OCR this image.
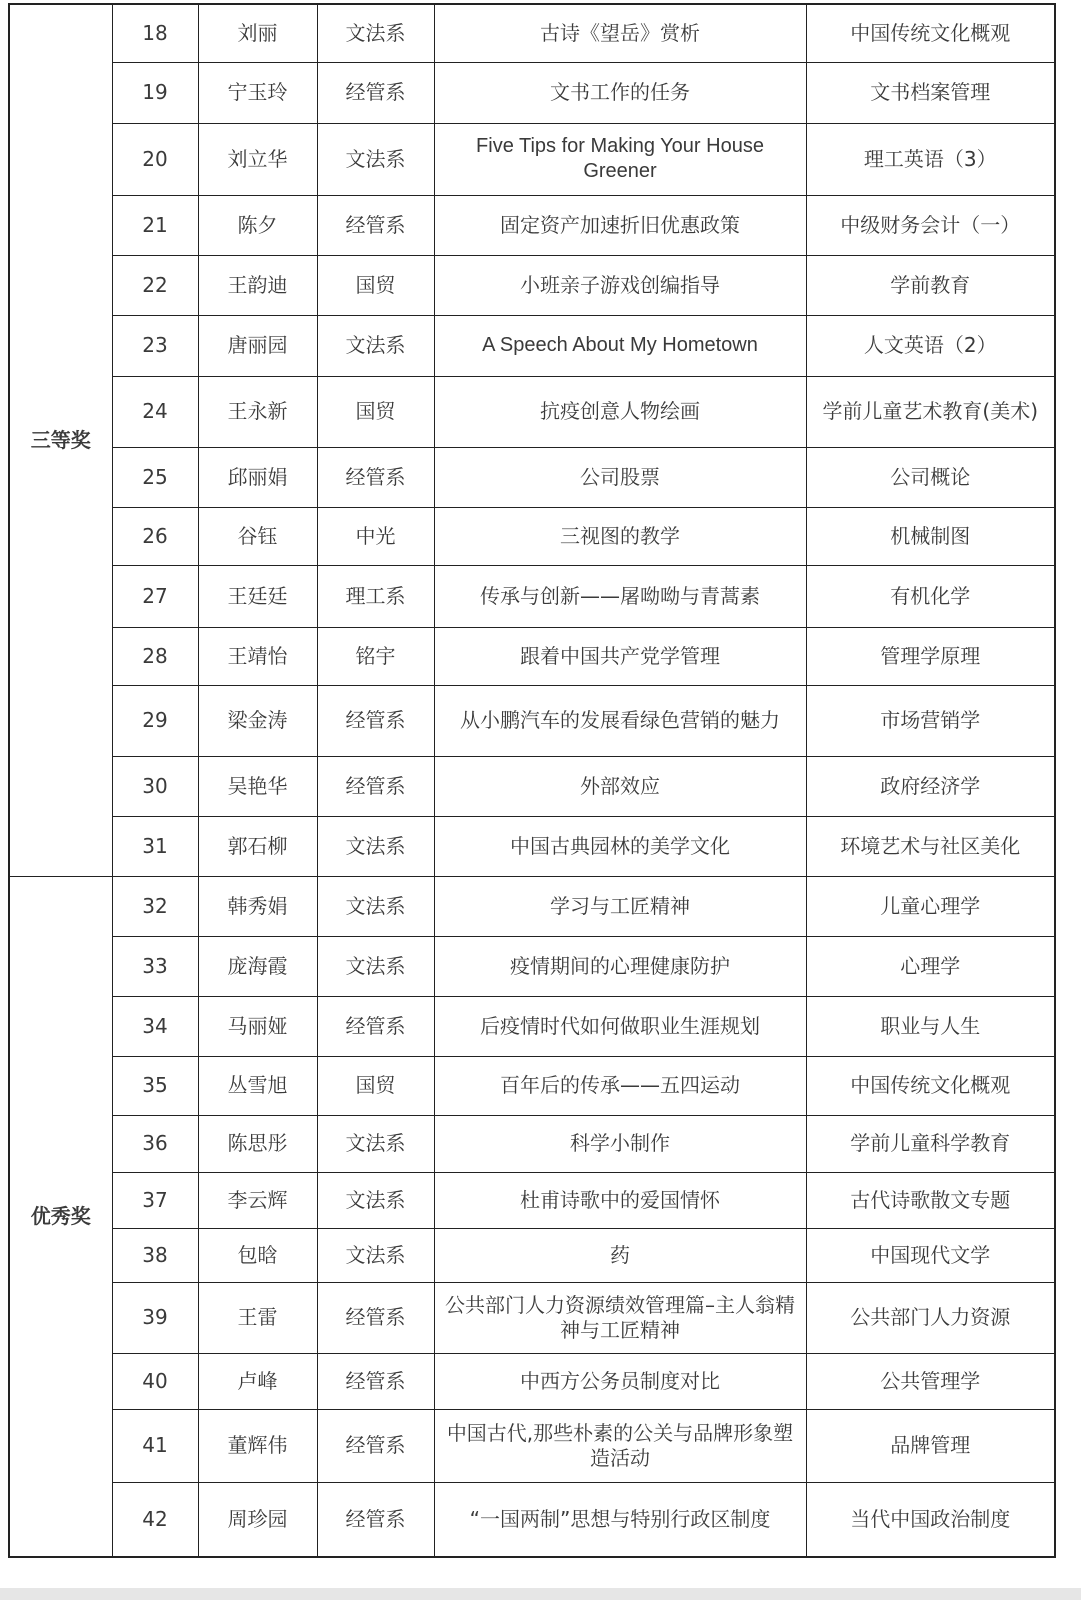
三等奖	18	刘丽	文法系	古诗《望岳》赏析	中国传统文化概观
	19	宁玉玲	经管系	文书工作的任务	文书档案管理
	20	刘立华	文法系	Five Tips for Making Your House Greener	理工英语（3）
	21	陈夕	经管系	固定资产加速折旧优惠政策	中级财务会计（一）
	22	王韵迪	国贸	小班亲子游戏创编指导	学前教育
	23	唐丽园	文法系	A Speech About My Hometown	人文英语（2）
	24	王永新	国贸	抗疫创意人物绘画	学前儿童艺术教育(美术)
	25	邱丽娟	经管系	公司股票	公司概论
	26	谷钰	中光	三视图的教学	机械制图
	27	王廷廷	理工系	传承与创新——屠呦呦与青蒿素	有机化学
	28	王靖怡	铭宇	跟着中国共产党学管理	管理学原理
	29	梁金涛	经管系	从小鹏汽车的发展看绿色营销的魅力	市场营销学
	30	吴艳华	经管系	外部效应	政府经济学
	31	郭石柳	文法系	中国古典园林的美学文化	环境艺术与社区美化
优秀奖	32	韩秀娟	文法系	学习与工匠精神	儿童心理学
	33	庞海霞	文法系	疫情期间的心理健康防护	心理学
	34	马丽娅	经管系	后疫情时代如何做职业生涯规划	职业与人生
	35	丛雪旭	国贸	百年后的传承——五四运动	中国传统文化概观
	36	陈思彤	文法系	科学小制作	学前儿童科学教育
	37	李云辉	文法系	杜甫诗歌中的爱国情怀	古代诗歌散文专题
	38	包晗	文法系	药	中国现代文学
	39	王雷	经管系	公共部门人力资源绩效管理篇–主人翁精神与工匠精神	公共部门人力资源
	40	卢峰	经管系	中西方公务员制度对比	公共管理学
	41	董辉伟	经管系	中国古代,那些朴素的公关与品牌形象塑造活动	品牌管理
	42	周珍园	经管系	“一国两制”思想与特别行政区制度	当代中国政治制度
